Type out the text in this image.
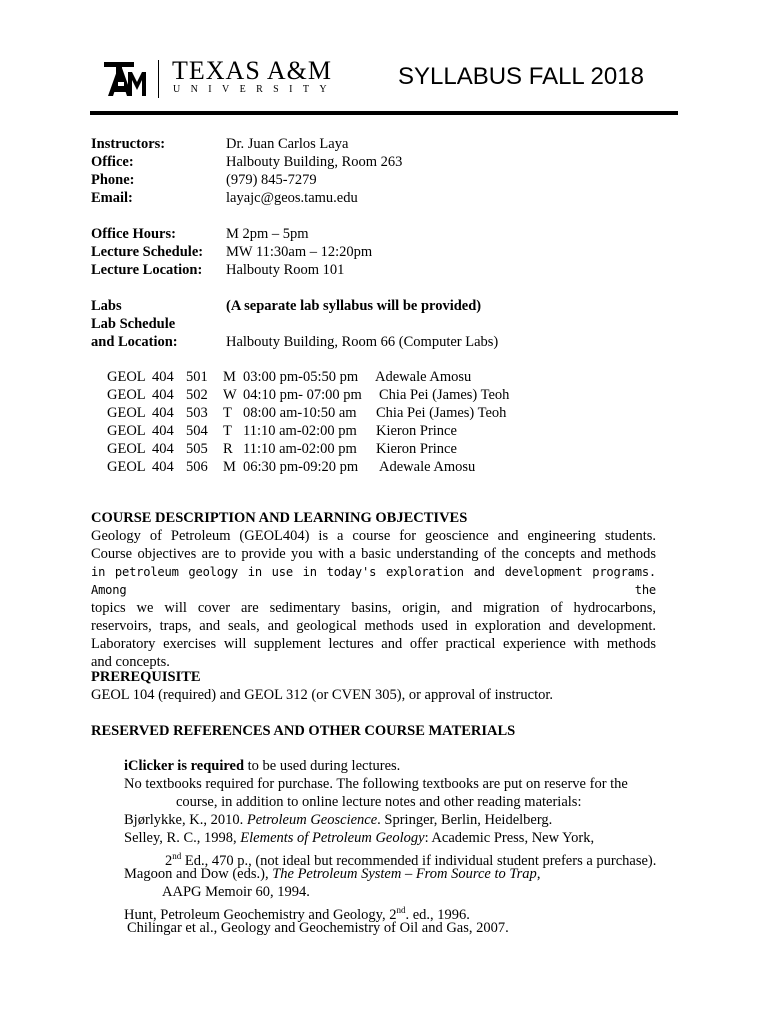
TEXAS A&M
UNIVERSITY	SYLLABUS FALL 2018
Instructors:	Dr. Juan Carlos Laya
Office:	Halbouty Building, Room 263
Phone:	(979) 845-7279
Email:	layajc@geos.tamu.edu
Office Hours:	M 2pm – 5pm
Lecture Schedule: MW 11:30am – 12:20pm
Lecture Location: Halbouty Room 101
Labs	(A separate lab syllabus will be provided)
Lab Schedule
and Location:	Halbouty Building, Room 66 (Computer Labs)
GEOL 404 501 M 03:00 pm-05:50 pm Adewale Amosu
GEOL 404 502 W 04:10 pm- 07:00 pm Chia Pei (James) Teoh
GEOL 404 503 T 08:00 am-10:50 am Chia Pei (James) Teoh
GEOL 404 504 T 11:10 am-02:00 pm Kieron Prince
GEOL 404 505 R 11:10 am-02:00 pm Kieron Prince
GEOL 404 506 M 06:30 pm-09:20 pm Adewale Amosu

COURSE DESCRIPTION AND LEARNING OBJECTIVES

Geology of Petroleum (GEOL404) is a course for geoscience and engineering students.

Course objectives are to provide you with a basic understanding of the concepts and methods

in petroleum geology in use in today's exploration and development programs. Among the

topics we will cover are sedimentary basins, origin, and migration of hydrocarbons,

reservoirs, traps, and seals, and geological methods used in exploration and development.

Laboratory exercises will supplement lectures and offer practical experience with methods

and concepts.

PREREQUISITE

GEOL 104 (required) and GEOL 312 (or CVEN 305), or approval of instructor.

RESERVED REFERENCES AND OTHER COURSE MATERIALS

iClicker is required to be used during lectures.
No textbooks required for purchase. The following textbooks are put on reserve for the
course, in addition to online lecture notes and other reading materials:
Bjørlykke, K., 2010. Petroleum Geoscience. Springer, Berlin, Heidelberg.
Selley, R. C., 1998, Elements of Petroleum Geology: Academic Press, New York,
2nd Ed., 470 p., (not ideal but recommended if individual student prefers a purchase).
Magoon and Dow (eds.), The Petroleum System – From Source to Trap,
AAPG Memoir 60, 1994.
Hunt, Petroleum Geochemistry and Geology, 2nd. ed., 1996.
Chilingar et al., Geology and Geochemistry of Oil and Gas, 2007.
